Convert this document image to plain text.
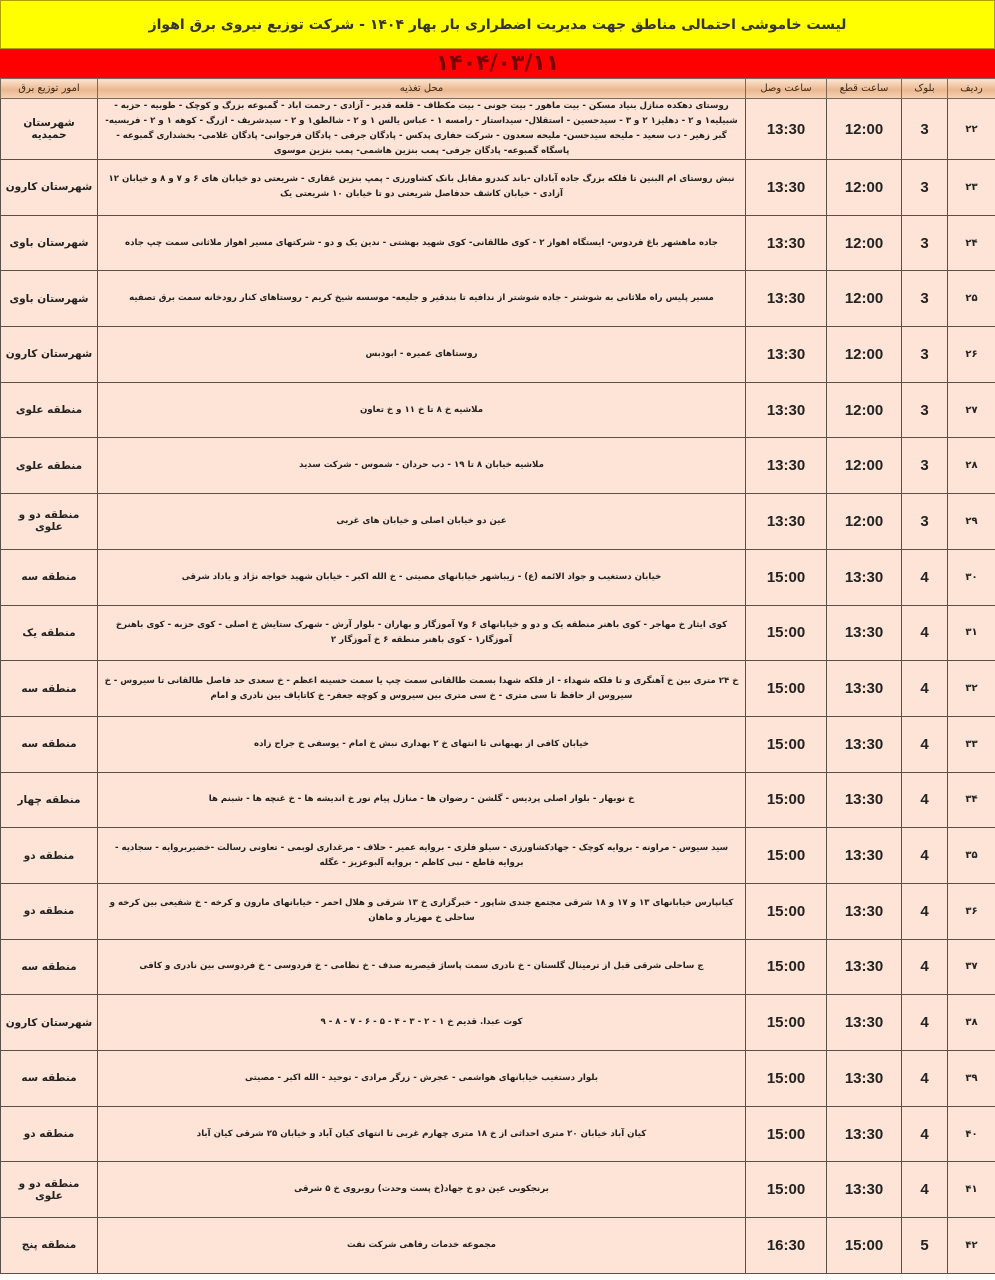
لیست خاموشی احتمالی مناطق جهت مدیریت اضطراری بار بهار ۱۴۰۴ - شرکت توزیع نیروی برق اهواز
۱۴۰۴/۰۳/۱۱
ردیف	بلوک	ساعت قطع	ساعت وصل	محل تغذیه	امور توزیع برق
۲۲	3	12:00	13:30	روستای دهکده منازل بنیاد مسکن - بیت ماهور - بیت جونی - بیت مکطاف - قلعه قدیر - آزادی - رحمت اباد - گمبوعه بزرگ و کوچک - طوبیه - حزبه - شبیلیه۱ و ۲ - دهلیز۱ ۲ و ۳ - سیدحسین - استقلال- سیداستار - رامسه ۱ - عباس یالس ۱ و ۲ - شالطق۱ و ۲ - سیدشریف - ازرگ - کوهه ۱ و ۲ - فریسیه-گبر زهیر - دب سعید - ملیحه سیدحسن- ملیحه سعدون - شرکت حفاری پدکس - پادگان جرفی - پادگان فرجوانی- پادگان غلامی- بخشداری گمبوعه - پاسگاه گمبوعه- پادگان جرفی- پمب بنزین هاشمی- پمب بنزین موسوی	شهرستان حمیدیه
۲۳	3	12:00	13:30	نبش روستای ام البنین تا فلکه بزرگ جاده آبادان -باند کندرو مقابل بانک کشاورزی - پمپ بنزین غفاری - شریعتی دو خیابان های ۶ و ۷ و ۸ و خیابان ۱۲ آزادی - خیابان کاشف حدفاصل شریعتی دو تا خیابان ۱۰ شریعتی یک	شهرستان کارون
۲۴	3	12:00	13:30	جاده ماهشهر باغ فردوس- ایستگاه اهواز ۲ - کوی طالقانی- کوی شهید بهشتی - ندین یک و دو - شرکتهای مسیر اهواز ملاثانی سمت چپ جاده	شهرستان باوی
۲۵	3	12:00	13:30	مسیر پلیس راه ملاثانی به شوشتر - جاده شوشتر از ندافیه تا بندقیر و جلیعه- موسسه شیخ کریم - روستاهای کنار رودخانه سمت برق تصفیه	شهرستان باوی
۲۶	3	12:00	13:30	روستاهای عمیره - ابودبس	شهرستان کارون
۲۷	3	12:00	13:30	ملاشیه خ ۸ تا خ ۱۱ و خ تعاون	منطقه علوی
۲۸	3	12:00	13:30	ملاشیه خیابان ۸ تا ۱۹ - دب حردان - شموس - شرکت سدید	منطقه علوی
۲۹	3	12:00	13:30	عین دو خیابان اصلی و خیابان های غربی	منطقه دو و علوی
۳۰	4	13:30	15:00	خیابان دستغیب و جواد الائمه (ع) - زیباشهر خیابانهای مصیتی - خ الله اکبر - خیابان شهید خواجه نژاد و یاداد شرقی	منطقه سه
۳۱	4	13:30	15:00	کوی ایثار خ مهاجر - کوی باهنر منطقه یک و دو و خیابانهای ۶ و۷ آموزگار و بهاران - بلوار آرش - شهرک ستایش خ اصلی - کوی حزبه - کوی باهنرخ آموزگار۱ - کوی باهنر منطقه ۶ خ آموزگار ۲	منطقه یک
۳۲	4	13:30	15:00	خ ۲۴ متری بین خ آهنگری و تا فلکه شهداء - از فلکه شهدا بسمت طالقانی سمت چپ یا سمت حسینه اعظم - خ سعدی حد فاصل طالقانی تا سیروس - خ سیروس از حافظ تا سی متری - خ سی متری بین سیروس و کوچه جعفر- خ کاتایاف بین نادری و امام	منطقه سه
۳۳	4	13:30	15:00	خیابان کافی از بهبهانی تا انتهای خ ۲ بهداری نبش خ امام - یوسفی خ جراح زاده	منطقه سه
۳۴	4	13:30	15:00	خ نوبهار - بلوار اصلی پردیس - گلشن - رضوان ها - منازل پیام نور خ اندیشه ها - خ غنچه ها - شبنم ها	منطقه چهار
۳۵	4	13:30	15:00	سید سیوس - مراونه - بروایه کوچک - جهادکشاورزی - سیلو فلزی - بروایه عمیر - حلاف - مرغداری لوبمی - تعاونی رسالت -خضیربروایه - سجادیه - بروایه قاطع - نبی کاظم - بروایه آلبوعزیز - عگله	منطقه دو
۳۶	4	13:30	15:00	کیانپارس خیابانهای ۱۳ و ۱۷ و ۱۸ شرقی مجتمع جندی شاپور - خبرگزاری خ ۱۳ شرقی و هلال احمر - خیابانهای مارون و کرخه - خ شفیعی بین کرخه و ساحلی خ مهزیار و ماهان	منطقه دو
۳۷	4	13:30	15:00	ج ساحلی شرقی قبل از ترمینال گلستان - خ نادری سمت پاساژ قیصریه صدف - خ نظامی - خ فردوسی - خ فردوسی بین نادری و کافی	منطقه سه
۳۸	4	13:30	15:00	کوت عبدا. قدیم خ ۱ - ۲ - ۳ - ۴ - ۵ - ۶ - ۷ - ۸ - ۹	شهرستان کارون
۳۹	4	13:30	15:00	بلوار دستغیب خیابانهای هواشمی - عجرش - زرگر مرادی - توحید - الله اکبر - مصیتی	منطقه سه
۴۰	4	13:30	15:00	کیان آباد خیابان ۲۰ متری احداثی از خ ۱۸ متری چهارم غربی تا انتهای کیان آباد و خیابان ۲۵ شرقی کیان آباد	منطقه دو
۴۱	4	13:30	15:00	برنجکوبی عین دو خ جهاد(خ پست وحدت) روبروی خ ۵ شرقی	منطقه دو و علوی
۴۲	5	15:00	16:30	مجموعه خدمات رفاهی شرکت نفت	منطقه پنج
